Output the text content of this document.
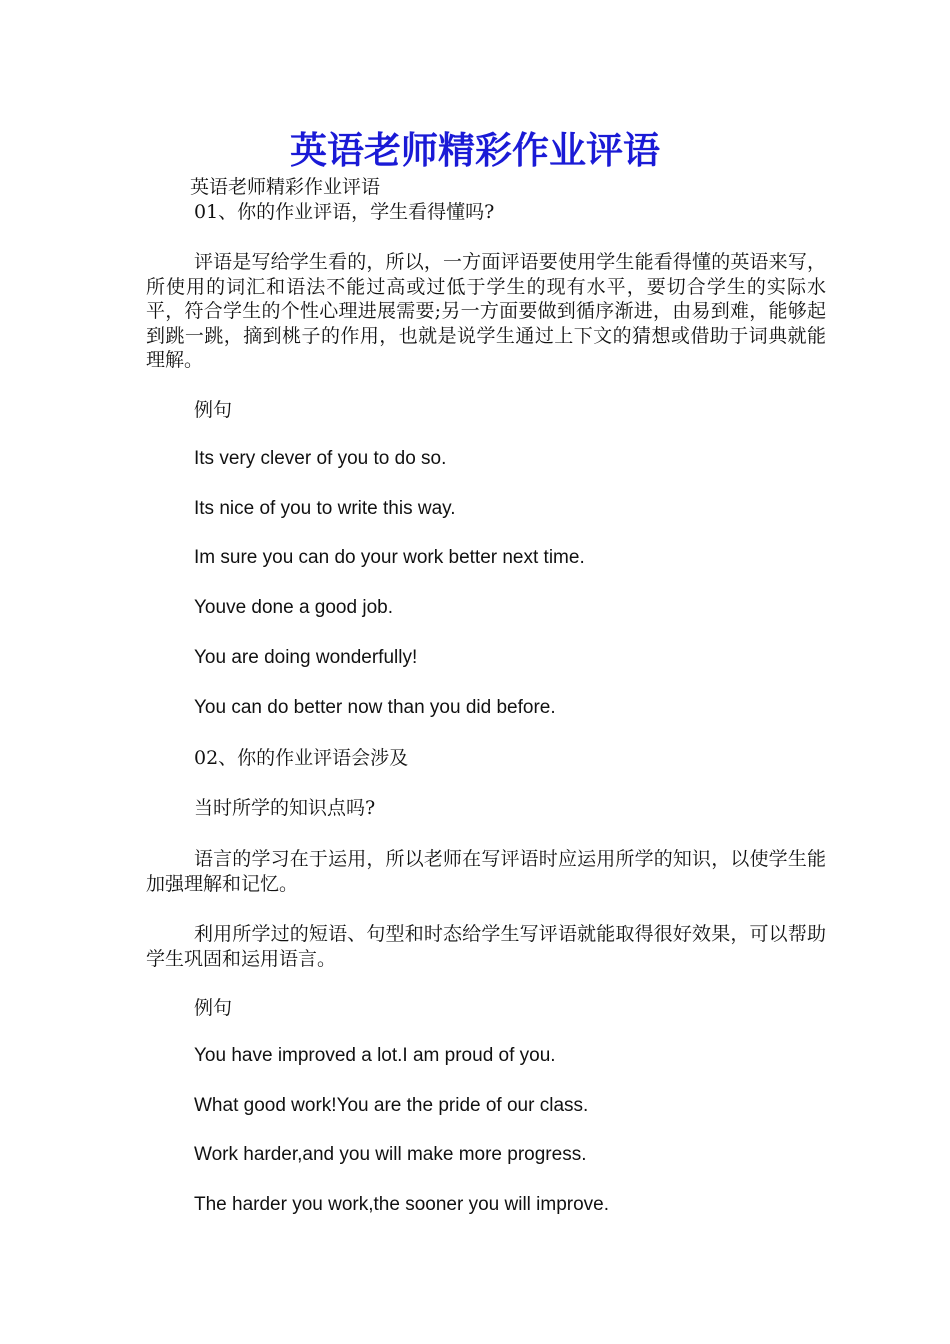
英语老师精彩作业评语
英语老师精彩作业评语
01、你的作业评语，学生看得懂吗?
评语是写给学生看的，所以，一方面评语要使用学生能看得懂的英语来写，所使用的词汇和语法不能过高或过低于学生的现有水平，要切合学生的实际水平，符合学生的个性心理进展需要;另一方面要做到循序渐进，由易到难，能够起到跳一跳，摘到桃子的作用，也就是说学生通过上下文的猜想或借助于词典就能理解。
例句
Its very clever of you to do so.
Its nice of you to write this way.
Im sure you can do your work better next time.
Youve done a good job.
You are doing wonderfully!
You can do better now than you did before.
02、你的作业评语会涉及
当时所学的知识点吗?
语言的学习在于运用，所以老师在写评语时应运用所学的知识，以使学生能加强理解和记忆。
利用所学过的短语、句型和时态给学生写评语就能取得很好效果，可以帮助学生巩固和运用语言。
例句
You have improved a lot.I am proud of you.
What good work!You are the pride of our class.
Work harder,and you will make more progress.
The harder you work,the sooner you will improve.
